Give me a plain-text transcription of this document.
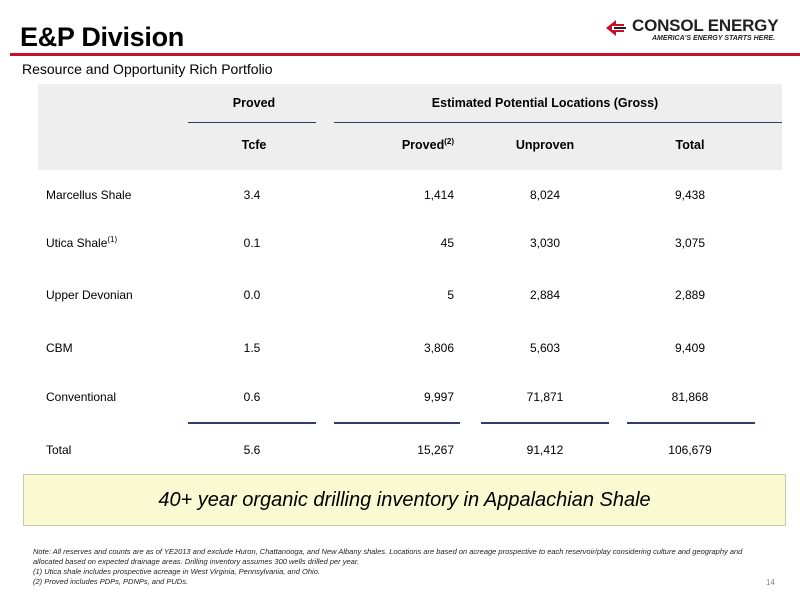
E&P Division
Resource and Opportunity Rich Portfolio
CONSOL ENERGY
AMERICA'S ENERGY STARTS HERE.
Proved	Estimated Potential Locations (Gross)
Tcfe	Proved$^{(2)}$	Unproven	Total
Marcellus Shale	3.4	1,414	8,024	9,438
Utica Shale$^{(1)}$	0.1	45	3,030	3,075
Upper Devonian	0.0	5	2,884	2,889
CBM	1.5	3,806	5,603	9,409
Conventional	0.6	9,997	71,871	81,868
Total	5.6	15,267	91,412	106,679
40+ year organic drilling inventory in Appalachian Shale
Note: All reserves and counts are as of YE2013 and exclude Huron, Chattanooga, and New Albany shales. Locations are based on acreage prospective to each reservoir/play considering culture and geography and allocated based on expected drainage areas. Drilling inventory assumes 300 wells drilled per year.
(1) Utica shale includes prospective acreage in West Virginia, Pennsylvania, and Ohio.
(2) Proved includes PDPs, PDNPs, and PUDs.	14
